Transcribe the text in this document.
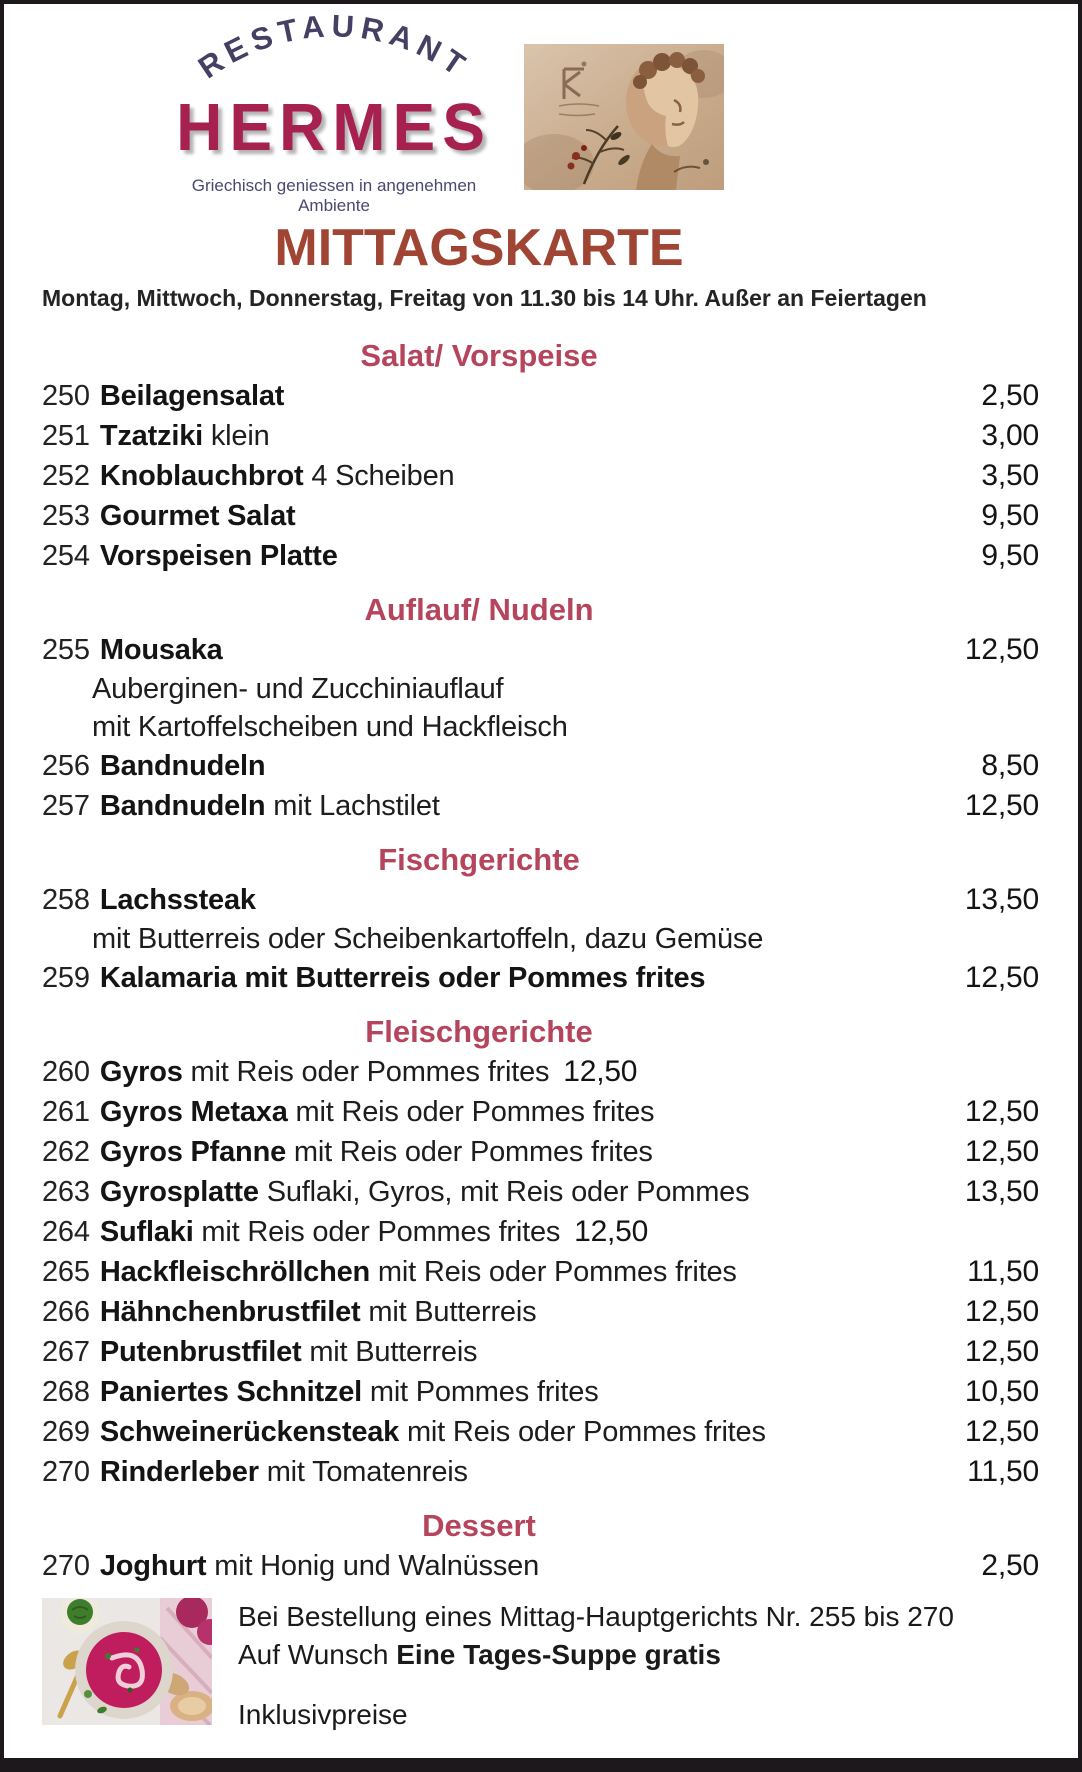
RESTAURANT
HERMES
Griechisch geniessen in angenehmen Ambiente
MITTAGSKARTE
Montag, Mittwoch, Donnerstag, Freitag von 11.30 bis 14 Uhr. Außer an Feiertagen
Salat/ Vorspeise
250 Beilagensalat	2,50
251 Tzatziki klein	3,00
252 Knoblauchbrot 4 Scheiben	3,50
253 Gourmet Salat	9,50
254 Vorspeisen Platte	9,50
Auflauf/ Nudeln
255 Mousaka	12,50
Auberginen- und Zucchiniauflauf
mit Kartoffelscheiben und Hackfleisch
256 Bandnudeln	8,50
257 Bandnudeln mit Lachstilet	12,50
Fischgerichte
258 Lachssteak	13,50
mit Butterreis oder Scheibenkartoffeln, dazu Gemüse
259 Kalamaria mit Butterreis oder Pommes frites	12,50
Fleischgerichte
260 Gyros mit Reis oder Pommes frites 12,50
261 Gyros Metaxa mit Reis oder Pommes frites	12,50
262 Gyros Pfanne mit Reis oder Pommes frites	12,50
263 Gyrosplatte Suflaki, Gyros, mit Reis oder Pommes	13,50
264 Suflaki mit Reis oder Pommes frites 12,50
265 Hackfleischröllchen mit Reis oder Pommes frites	11,50
266 Hähnchenbrustfilet mit Butterreis	12,50
267 Putenbrustfilet mit Butterreis	12,50
268 Paniertes Schnitzel mit Pommes frites	10,50
269 Schweinerückensteak mit Reis oder Pommes frites	12,50
270 Rinderleber mit Tomatenreis	11,50
Dessert
270 Joghurt mit Honig und Walnüssen	2,50
Bei Bestellung eines Mittag-Hauptgerichts Nr. 255 bis 270
Auf Wunsch Eine Tages-Suppe gratis
Inklusivpreise
